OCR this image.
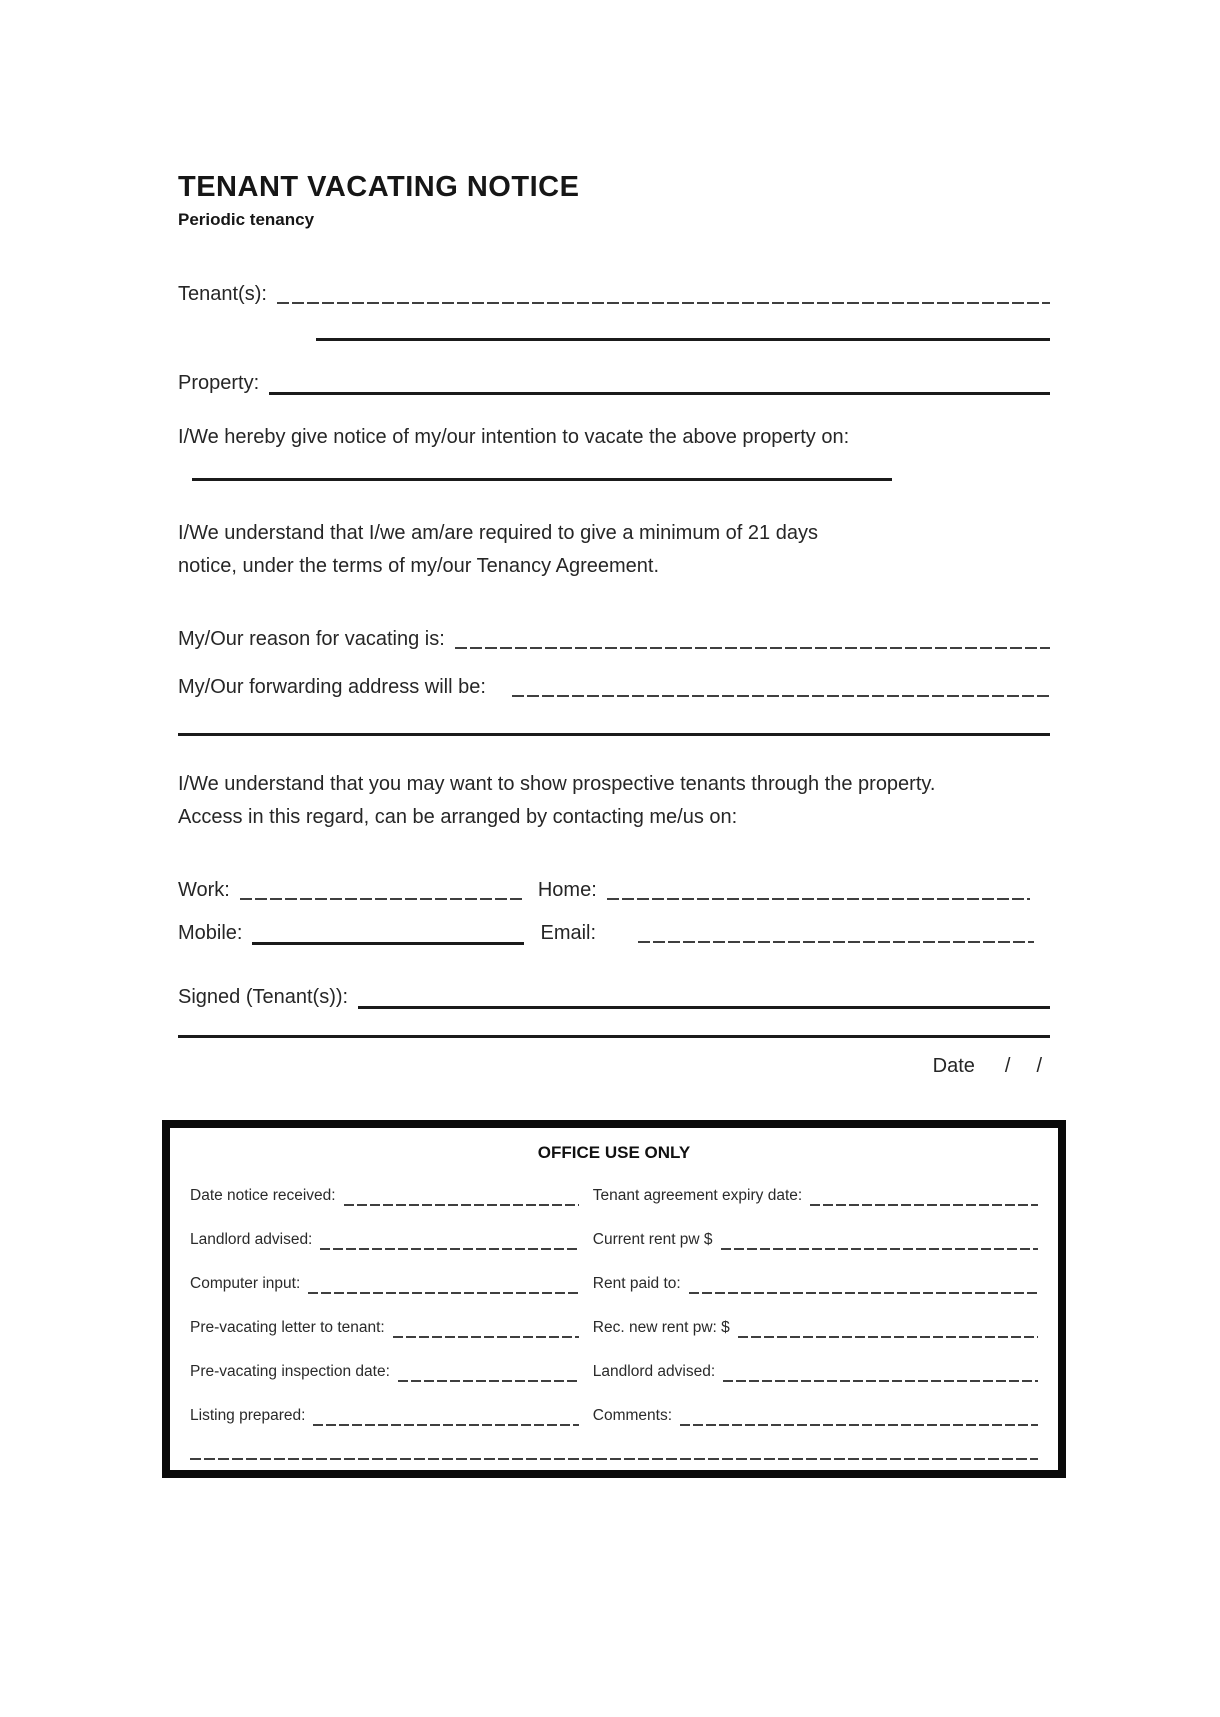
TENANT VACATING NOTICE
Periodic tenancy
Tenant(s):
Property:
I/We hereby give notice of my/our intention to vacate the above property on:
I/We understand that I/we am/are required to give a minimum of 21 days notice, under the terms of my/our Tenancy Agreement.
My/Our reason for vacating is:
My/Our forwarding address will be:
I/We understand that you may want to show prospective tenants through the property. Access in this regard, can be arranged by contacting me/us on:
Work:	Home:
Mobile:	Email:
Signed (Tenant(s)):
Date / /
OFFICE USE ONLY
Date notice received:	Tenant agreement expiry date:
Landlord advised:	Current rent pw $
Computer input:	Rent paid to:
Pre-vacating letter to tenant:	Rec. new rent pw: $
Pre-vacating inspection date:	Landlord advised:
Listing prepared:	Comments:
